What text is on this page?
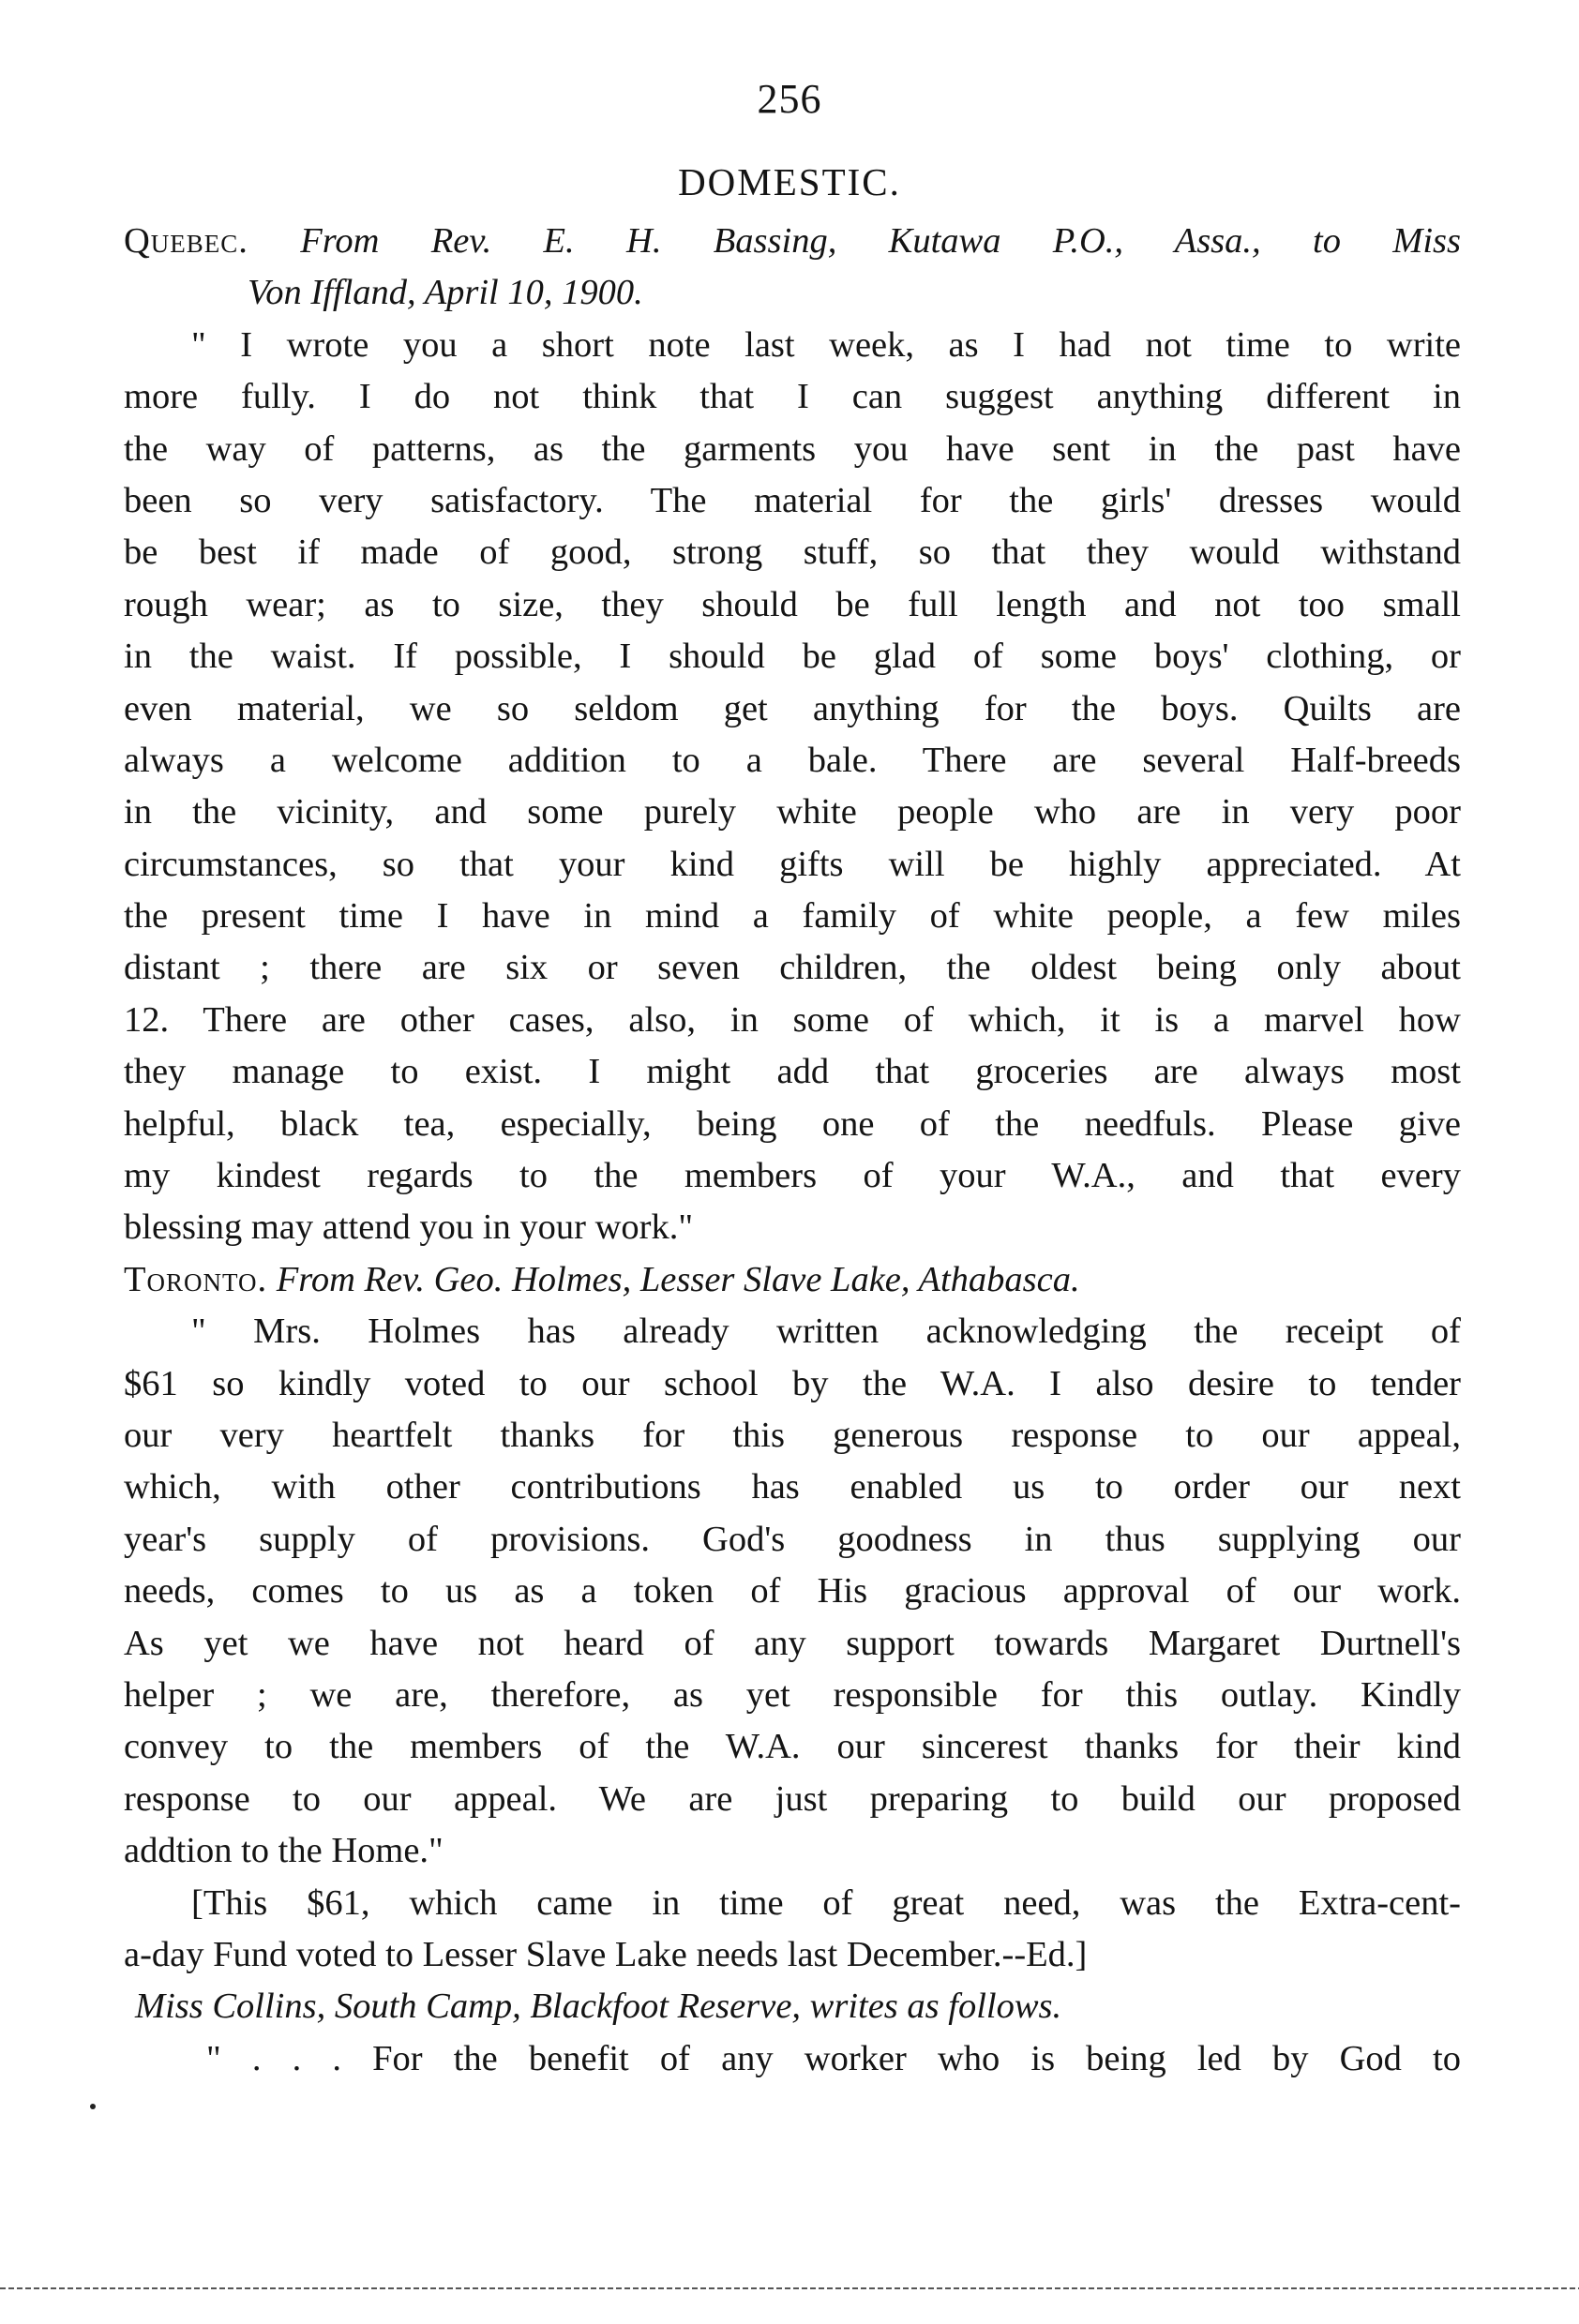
256
DOMESTIC.
Quebec. From Rev. E. H. Bassing, Kutawa P.O., Assa., to Miss
Von Iffland, April 10, 1900.
" I wrote you a short note last week, as I had not time to write
more fully. I do not think that I can suggest anything different in
the way of patterns, as the garments you have sent in the past have
been so very satisfactory. The material for the girls' dresses would
be best if made of good, strong stuff, so that they would withstand
rough wear; as to size, they should be full length and not too small
in the waist. If possible, I should be glad of some boys' clothing, or
even material, we so seldom get anything for the boys. Quilts are
always a welcome addition to a bale. There are several Half-breeds
in the vicinity, and some purely white people who are in very poor
circumstances, so that your kind gifts will be highly appreciated. At
the present time I have in mind a family of white people, a few miles
distant ; there are six or seven children, the oldest being only about
12. There are other cases, also, in some of which, it is a marvel how
they manage to exist. I might add that groceries are always most
helpful, black tea, especially, being one of the needfuls. Please give
my kindest regards to the members of your W.A., and that every
blessing may attend you in your work."
Toronto. From Rev. Geo. Holmes, Lesser Slave Lake, Athabasca.
" Mrs. Holmes has already written acknowledging the receipt of
$61 so kindly voted to our school by the W.A. I also desire to tender
our very heartfelt thanks for this generous response to our appeal,
which, with other contributions has enabled us to order our next
year's supply of provisions. God's goodness in thus supplying our
needs, comes to us as a token of His gracious approval of our work.
As yet we have not heard of any support towards Margaret Durtnell's
helper ; we are, therefore, as yet responsible for this outlay. Kindly
convey to the members of the W.A. our sincerest thanks for their kind
response to our appeal. We are just preparing to build our proposed
addtion to the Home."
[This $61, which came in time of great need, was the Extra-cent-
a-day Fund voted to Lesser Slave Lake needs last December.--Ed.]
Miss Collins, South Camp, Blackfoot Reserve, writes as follows.
" . . . For the benefit of any worker who is being led by God to
